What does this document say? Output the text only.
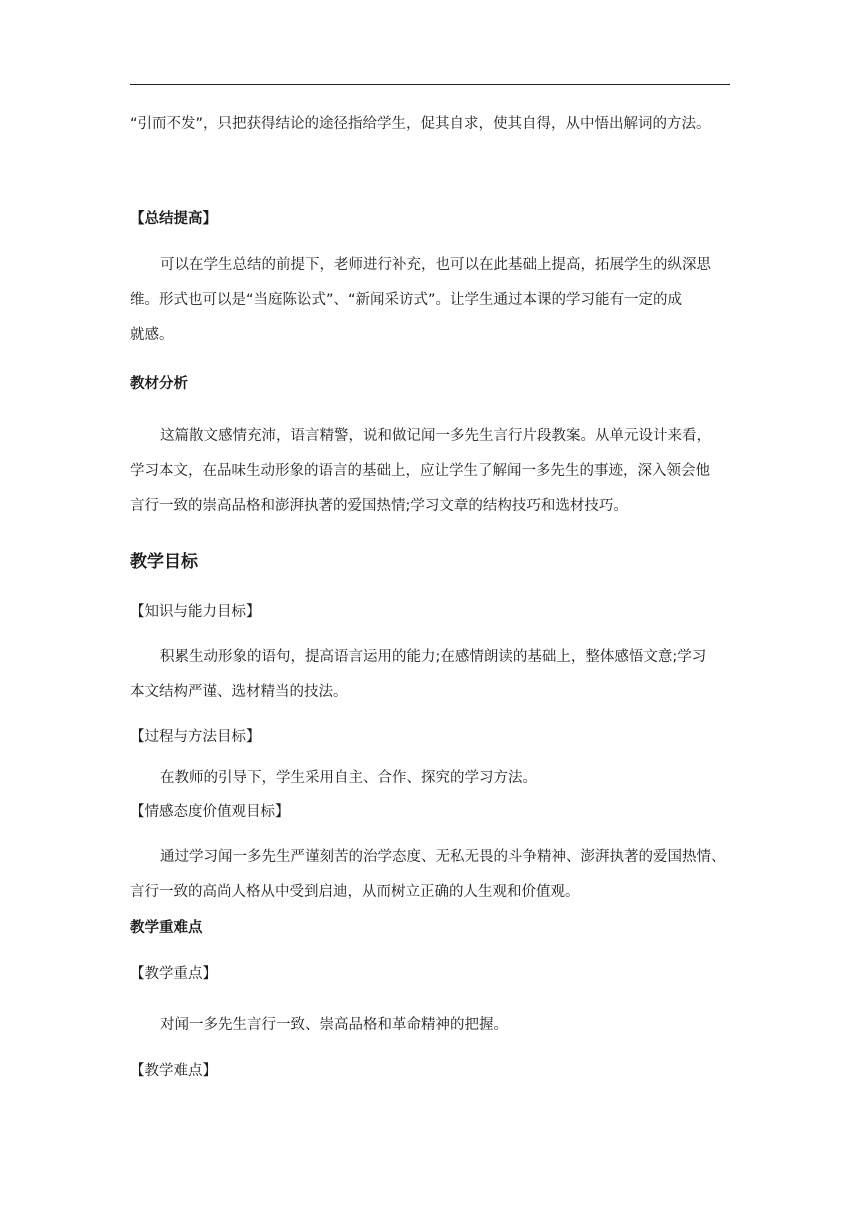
“引而不发”，只把获得结论的途径指给学生，促其自求，使其自得，从中悟出解词的方法。

【总结提高】

可以在学生总结的前提下，老师进行补充，也可以在此基础上提高，拓展学生的纵深思
维。形式也可以是“当庭陈讼式”、“新闻采访式”。让学生通过本课的学习能有一定的成
就感。

教材分析

这篇散文感情充沛，语言精警，说和做记闻一多先生言行片段教案。从单元设计来看，
学习本文，在品味生动形象的语言的基础上，应让学生了解闻一多先生的事迹，深入领会他
言行一致的崇高品格和澎湃执著的爱国热情;学习文章的结构技巧和选材技巧。

教学目标

【知识与能力目标】

积累生动形象的语句，提高语言运用的能力;在感情朗读的基础上，整体感悟文意;学习
本文结构严谨、选材精当的技法。

【过程与方法目标】

在教师的引导下，学生采用自主、合作、探究的学习方法。

【情感态度价值观目标】

通过学习闻一多先生严谨刻苦的治学态度、无私无畏的斗争精神、澎湃执著的爱国热情、
言行一致的高尚人格从中受到启迪，从而树立正确的人生观和价值观。

教学重难点

【教学重点】

对闻一多先生言行一致、崇高品格和革命精神的把握。

【教学难点】
